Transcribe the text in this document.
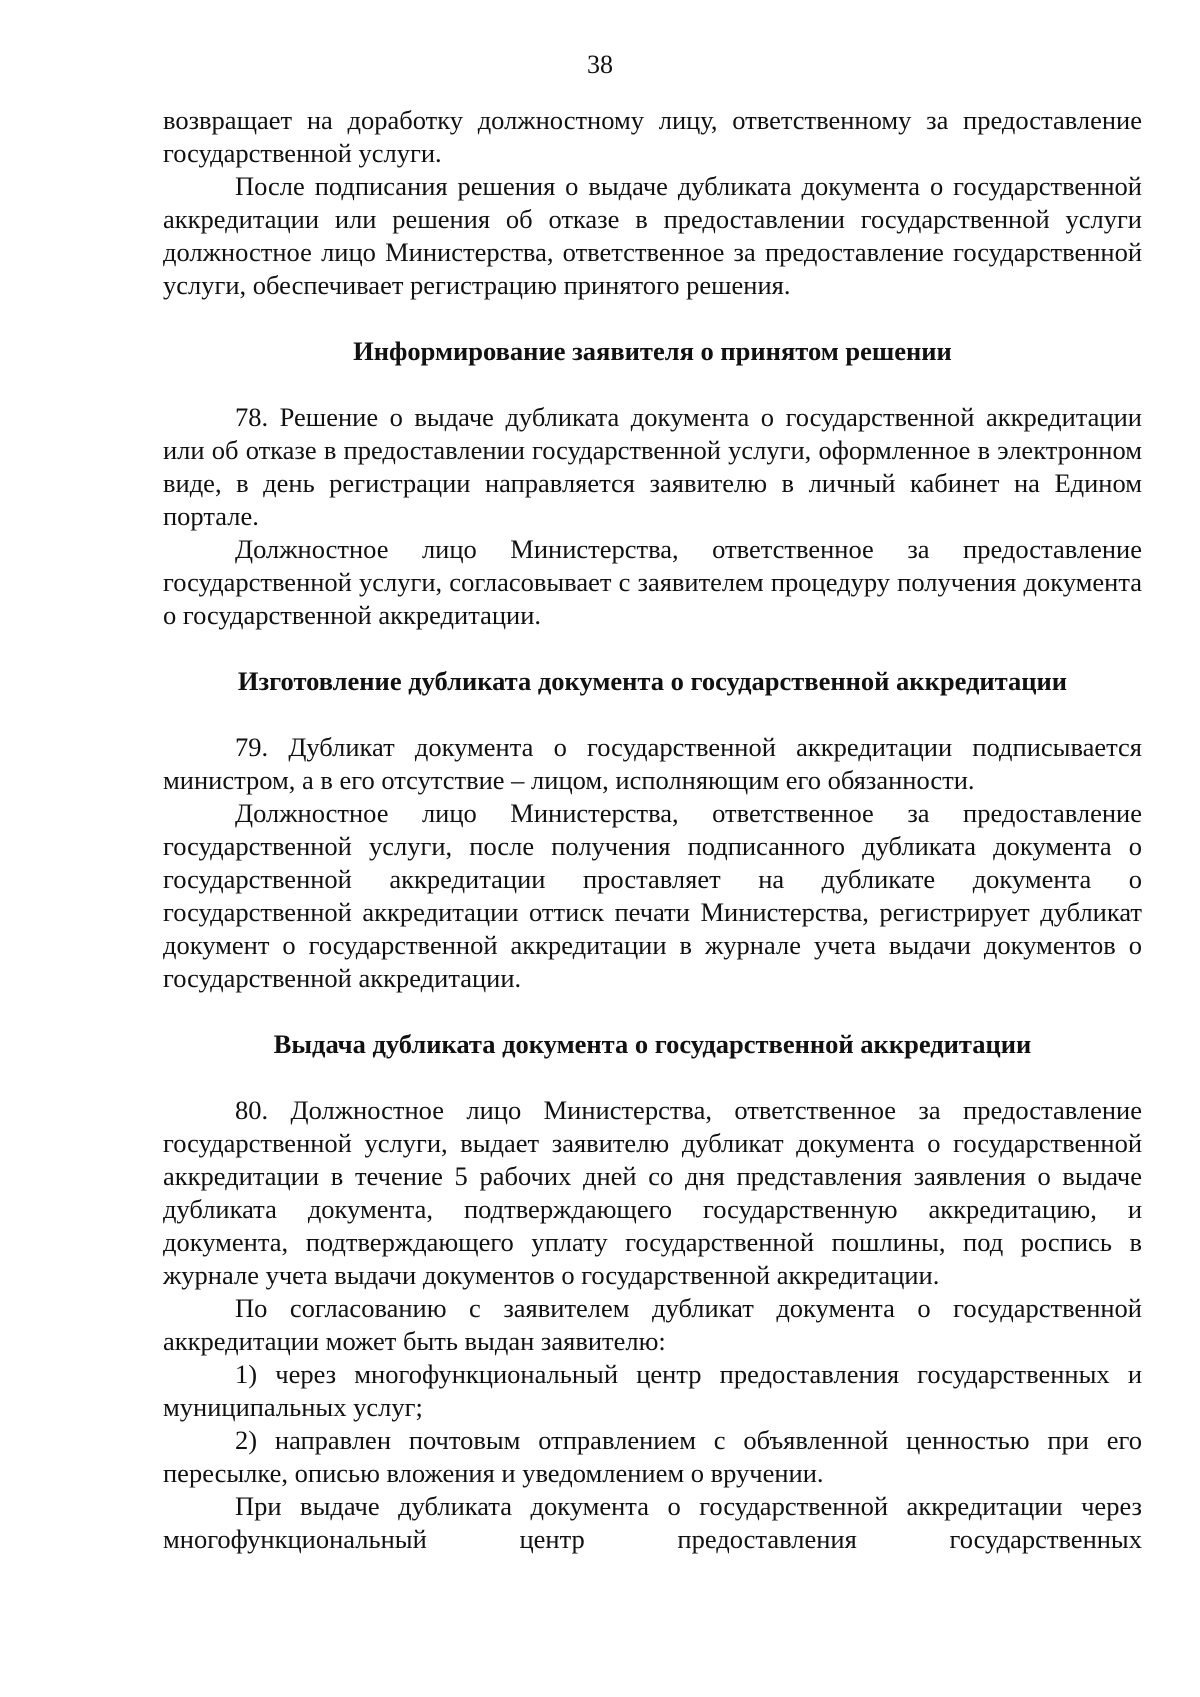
38

возвращает на доработку должностному лицу, ответственному за предоставление государственной услуги.

После подписания решения о выдаче дубликата документа о государственной аккредитации или решения об отказе в предоставлении государственной услуги должностное лицо Министерства, ответственное за предоставление государственной услуги, обеспечивает регистрацию принятого решения.

Информирование заявителя о принятом решении

78. Решение о выдаче дубликата документа о государственной аккредитации или об отказе в предоставлении государственной услуги, оформленное в электронном виде, в день регистрации направляется заявителю в личный кабинет на Едином портале.

Должностное лицо Министерства, ответственное за предоставление государственной услуги, согласовывает с заявителем процедуру получения документа о государственной аккредитации.

Изготовление дубликата документа о государственной аккредитации

79. Дубликат документа о государственной аккредитации подписывается министром, а в его отсутствие – лицом, исполняющим его обязанности.

Должностное лицо Министерства, ответственное за предоставление государственной услуги, после получения подписанного дубликата документа о государственной аккредитации проставляет на дубликате документа о государственной аккредитации оттиск печати Министерства, регистрирует дубликат документ о государственной аккредитации в журнале учета выдачи документов о государственной аккредитации.

Выдача дубликата документа о государственной аккредитации

80. Должностное лицо Министерства, ответственное за предоставление государственной услуги, выдает заявителю дубликат документа о государственной аккредитации в течение 5 рабочих дней со дня представления заявления о выдаче дубликата документа, подтверждающего государственную аккредитацию, и документа, подтверждающего уплату государственной пошлины, под роспись в журнале учета выдачи документов о государственной аккредитации.

По согласованию с заявителем дубликат документа о государственной аккредитации может быть выдан заявителю:

1) через многофункциональный центр предоставления государственных и муниципальных услуг;

2) направлен почтовым отправлением с объявленной ценностью при его пересылке, описью вложения и уведомлением о вручении.

При выдаче дубликата документа о государственной аккредитации через многофункциональный центр предоставления государственных
